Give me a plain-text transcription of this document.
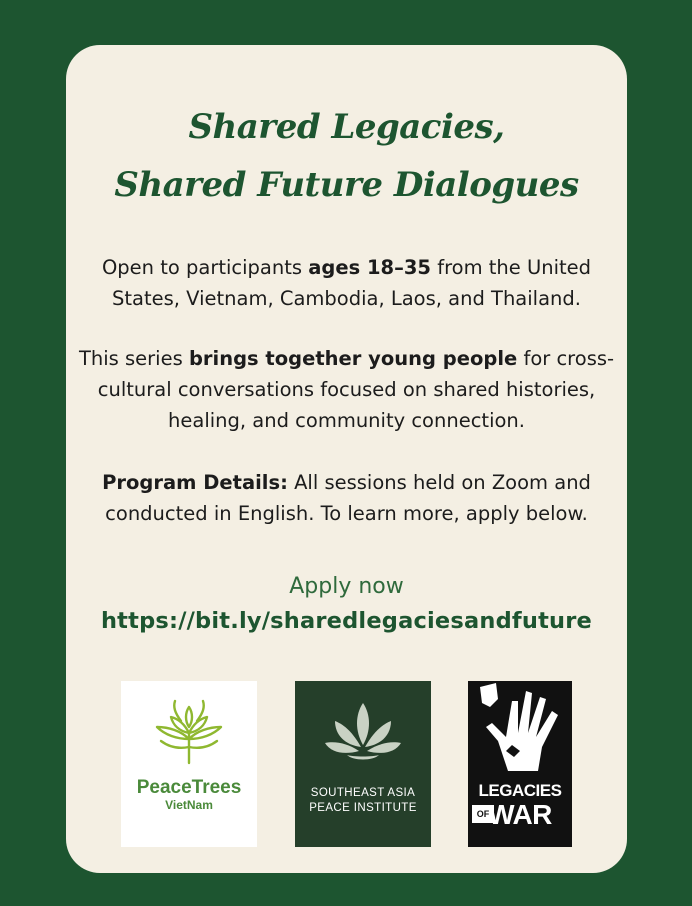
Shared Legacies,
Shared Future Dialogues
Open to participants ages 18–35 from the United States, Vietnam, Cambodia, Laos, and Thailand.
This series brings together young people for cross-cultural conversations focused on shared histories, healing, and community connection.
Program Details: All sessions held on Zoom and conducted in English. To learn more, apply below.
Apply now
https://bit.ly/sharedlegaciesandfuture
PeaceTrees
VietNam
SOUTHEAST ASIA
PEACE INSTITUTE
LEGACIES
OF
WAR
